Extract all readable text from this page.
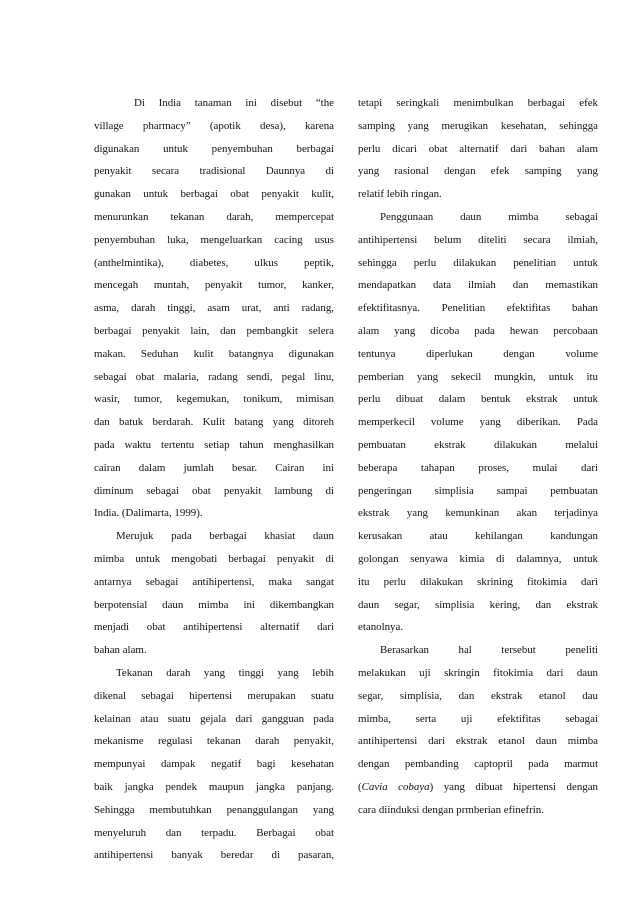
Di India tanaman ini disebut “the
village pharmacy” (apotik desa), karena
digunakan untuk penyembuhan berbagai
penyakit secara tradisional Daunnya di
gunakan untuk berbagai obat penyakit kulit,
menurunkan tekanan darah, mempercepat
penyembuhan luka, mengeluarkan cacing usus
(anthelmintika), diabetes, ulkus peptik,
mencegah muntah, penyakit tumor, kanker,
asma, darah tinggi, asam urat, anti radang,
berbagai penyakit lain, dan pembangkit selera
makan. Seduhan kulit batangnya digunakan
sebagai obat malaria, radang sendi, pegal linu,
wasir, tumor, kegemukan, tonikum, mimisan
dan batuk berdarah. Kulit batang yang ditoreh
pada waktu tertentu setiap tahun menghasilkan
cairan dalam jumlah besar. Cairan ini
diminum sebagai obat penyakit lambung di
India. (Dalimarta, 1999).
Merujuk pada berbagai khasiat daun
mimba untuk mengobati berbagai penyakit di
antarnya sebagai antihipertensi, maka sangat
berpotensial daun mimba ini dikembangkan
menjadi obat antihipertensi alternatif dari
bahan alam.
Tekanan darah yang tinggi yang lebih
dikenal sebagai hipertensi merupakan suatu
kelainan atau suatu gejala dari gangguan pada
mekanisme regulasi tekanan darah penyakit,
mempunyai dampak negatif bagi kesehatan
baik jangka pendek maupun jangka panjang.
Sehingga membutuhkan penanggulangan yang
menyeluruh dan terpadu. Berbagai obat
antihipertensi banyak beredar di pasaran,
tetapi seringkali menimbulkan berbagai efek
samping yang merugikan kesehatan, sehingga
perlu dicari obat alternatif dari bahan alam
yang rasional dengan efek samping yang
relatif lebih ringan.
Penggunaan daun mimba sebagai
antihipertensi belum diteliti secara ilmiah,
sehingga perlu dilakukan penelitian untuk
mendapatkan data ilmiah dan memastikan
efektifitasnya. Penelitian efektifitas bahan
alam yang dicoba pada hewan percobaan
tentunya diperlukan dengan volume
pemberian yang sekecil mungkin, untuk itu
perlu dibuat dalam bentuk ekstrak untuk
memperkecil volume yang diberikan. Pada
pembuatan ekstrak dilakukan melalui
beberapa tahapan proses, mulai dari
pengeringan simplisia sampai pembuatan
ekstrak yang kemunkinan akan terjadinya
kerusakan atau kehilangan kandungan
golongan senyawa kimia di dalamnya, untuk
itu perlu dilakukan skrining fitokimia dari
daun segar, simplisia kering, dan ekstrak
etanolnya.
Berasarkan hal tersebut peneliti
melakukan uji skringin fitokimia dari daun
segar, simplisia, dan ekstrak etanol dau
mimba, serta uji efektifitas sebagai
antihipertensi dari ekstrak etanol daun mimba
dengan pembanding captopril pada marmut
(Cavia cobaya) yang dibuat hipertensi dengan
cara diinduksi dengan prmberian efinefrin.
